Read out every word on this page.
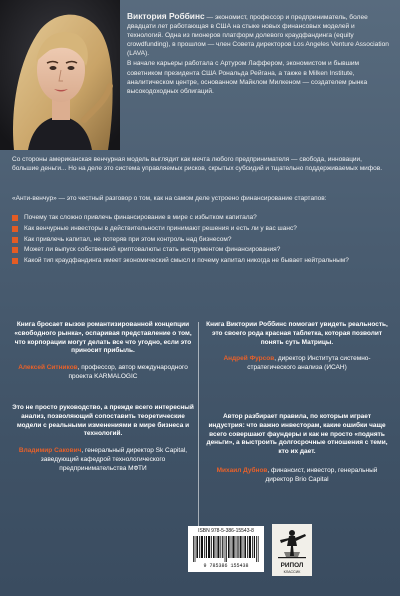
Виктория Роббинс — экономист, профессор и предприниматель, более двадцати лет работающая в США на стыке новых финансовых моделей и технологий. Одна из пионеров платформ долевого краудфандинга (equity crowdfunding), в прошлом — член Совета директоров Los Angeles Venture Association (LAVA).

В начале карьеры работала с Артуром Лаффером, экономистом и бывшим советником президента США Рональда Рейгана, а также в Milken Institute, аналитическом центре, основанном Майклом Милкеном — создателем рынка высокодоходных облигаций.

Со стороны американская венчурная модель выглядит как мечта любого предпринимателя — свобода, инновации, большие деньги... Но на деле это система управляемых рисков, скрытых субсидий и тщательно поддерживаемых мифов.

«Анти-венчур» — это честный разговор о том, как на самом деле устроено финансирование стартапов:

Почему так сложно привлечь финансирование в мире с избытком капитала?
Как венчурные инвесторы в действительности принимают решения и есть ли у вас шанс?
Как привлечь капитал, не потеряв при этом контроль над бизнесом?
Может ли выпуск собственной криптовалюты стать инструментом финансирования?
Какой тип краудфандинга имеет экономический смысл и почему капитал никогда не бывает нейтральным?

Книга бросает вызов романтизированной концепции «свободного рынка», оспаривая представление о том, что корпорации могут делать все что угодно, если это приносит прибыль.

Алексей Ситников, профессор, автор международного проекта KARMALOGIC

Это не просто руководство, а прежде всего интересный анализ, позволяющий сопоставить теоретические модели с реальными изменениями в мире бизнеса и технологий.

Владимир Сакович, генеральный директор Sk Capital, заведующий кафедрой технологического предпринимательства МФТИ

Книга Виктории Роббинс помогает увидеть реальность, это своего рода красная таблетка, которая позволит понять суть Матрицы.

Андрей Фурсов, директор Института системно-стратегического анализа (ИСАН)

Автор разбирает правила, по которым играет индустрия: что важно инвесторам, какие ошибки чаще всего совершают фаундеры и как не просто «поднять деньги», а выстроить долгосрочные отношения с теми, кто их дает.

Михаил Дубнов, финансист, инвестор, генеральный директор Brio Capital

ISBN 978-5-386-15543-8
9 785386 155438	РИПОЛ
КЛАССИК
